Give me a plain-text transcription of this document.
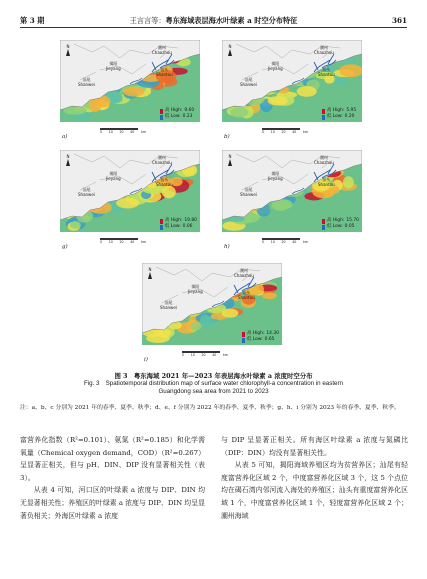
第 3 期	王言言等：粤东海域表层海水叶绿素 a 时空分布特征	361
揭阳
Jieyang
潮州
Chaozhou
汕头
Shantou
汕尾
Shanwei
高 High: 9.60
低 Low: 0.23
0 10 20 40 km
N
a)
揭阳
Jieyang
潮州
Chaozhou
汕头
Shantou
汕尾
Shanwei
高 High: 5.95
低 Low: 0.20
0 10 20 40 km
N
b)
揭阳
Jieyang
潮州
Chaozhou
汕头
Shantou
汕尾
Shanwei
高 High: 19.80
低 Low: 0.06
0 10 20 40 km
N
g)
揭阳
Jieyang
潮州
Chaozhou
汕头
Shantou
汕尾
Shanwei
高 High: 15.70
低 Low: 0.05
0 10 20 40 km
N
h)
揭阳
Jieyang
潮州
Chaozhou
汕头
Shantou
汕尾
Shanwei
高 High: 14.30
低 Low: 0.65
0 10 20 40 km
N
i)
图 3　粤东海域 2021 年—2023 年表层海水叶绿素 a 浓度时空分布
Fig. 3　Spatiotemporal distribution map of surface water chlorophyll-a concentration in eastern
Guangdong sea area from 2021 to 2023
注：a、b、c 分别为 2021 年的春季、夏季、秋季；d、e、f 分别为 2022 年的春季、夏季、秋季；g、h、i 分别为 2023 年的春季、夏季、秋季。

富营养化指数（R²=0.101）、氨氮（R²=0.185）和化学需氧量（Chemical oxygen demand，COD）（R²=0.267）呈显著正相关，但与 pH、DIN、DIP 没有显著相关性（表 3）。

从表 4 可知，河口区的叶绿素 a 浓度与 DIP、DIN 均无显著相关性；养殖区的叶绿素 a 浓度与 DIP、DIN 均呈显著负相关；外海区叶绿素 a 浓度

与 DIP 呈显著正相关。所有海区叶绿素 a 浓度与氮磷比（DIP：DIN）均没有显著相关性。

从表 5 可知，揭阳海域养殖区均为贫营养区；汕尾有轻度富营养化区域 2 个，中度富营养化区域 3 个，这 5 个点位均在碣石湾内邻河流入海处的养殖区；汕头有重度富营养化区域 1 个，中度富营养化区域 1 个，轻度富营养化区域 2 个；潮州海域
